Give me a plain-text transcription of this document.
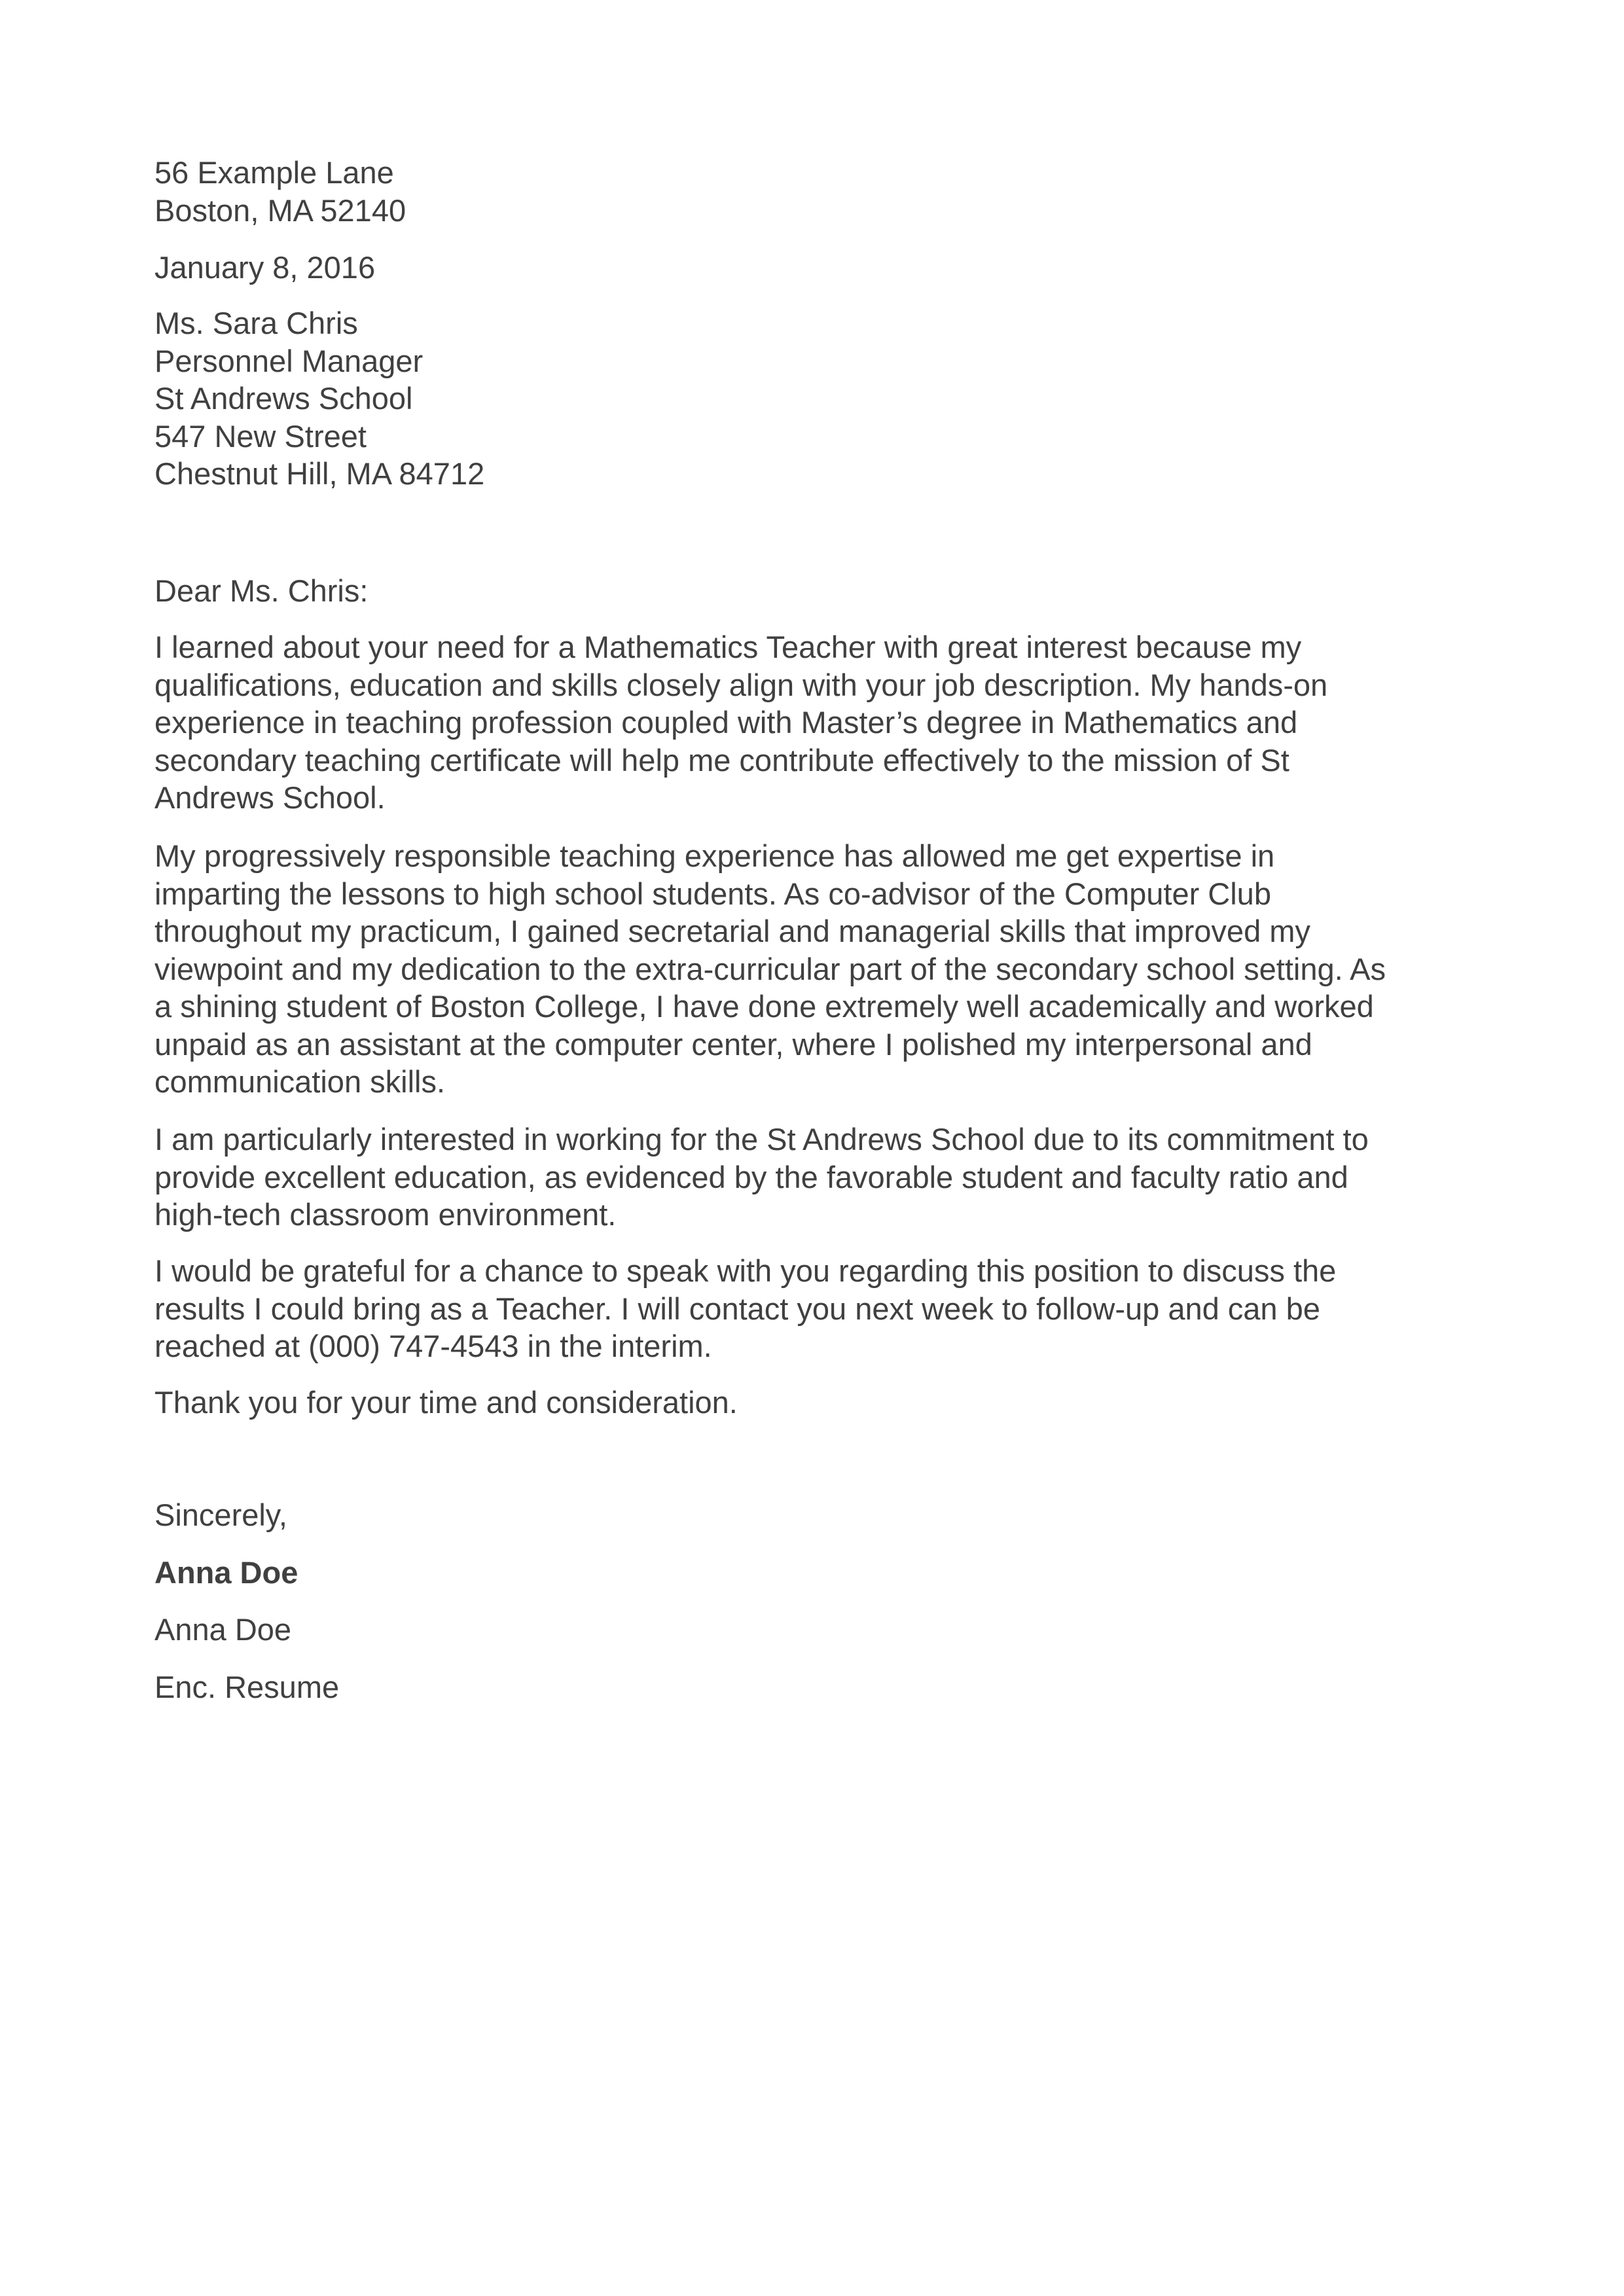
56 Example Lane
Boston, MA 52140
January 8, 2016
Ms. Sara Chris
Personnel Manager
St Andrews School
547 New Street
Chestnut Hill, MA 84712
Dear Ms. Chris:
I learned about your need for a Mathematics Teacher with great interest because my
qualifications, education and skills closely align with your job description. My hands-on
experience in teaching profession coupled with Master’s degree in Mathematics and
secondary teaching certificate will help me contribute effectively to the mission of St
Andrews School.
My progressively responsible teaching experience has allowed me get expertise in
imparting the lessons to high school students. As co-advisor of the Computer Club
throughout my practicum, I gained secretarial and managerial skills that improved my
viewpoint and my dedication to the extra-curricular part of the secondary school setting. As
a shining student of Boston College, I have done extremely well academically and worked
unpaid as an assistant at the computer center, where I polished my interpersonal and
communication skills.
I am particularly interested in working for the St Andrews School due to its commitment to
provide excellent education, as evidenced by the favorable student and faculty ratio and
high-tech classroom environment.
I would be grateful for a chance to speak with you regarding this position to discuss the
results I could bring as a Teacher. I will contact you next week to follow-up and can be
reached at (000) 747-4543 in the interim.
Thank you for your time and consideration.
Sincerely,
Anna Doe
Anna Doe
Enc. Resume
